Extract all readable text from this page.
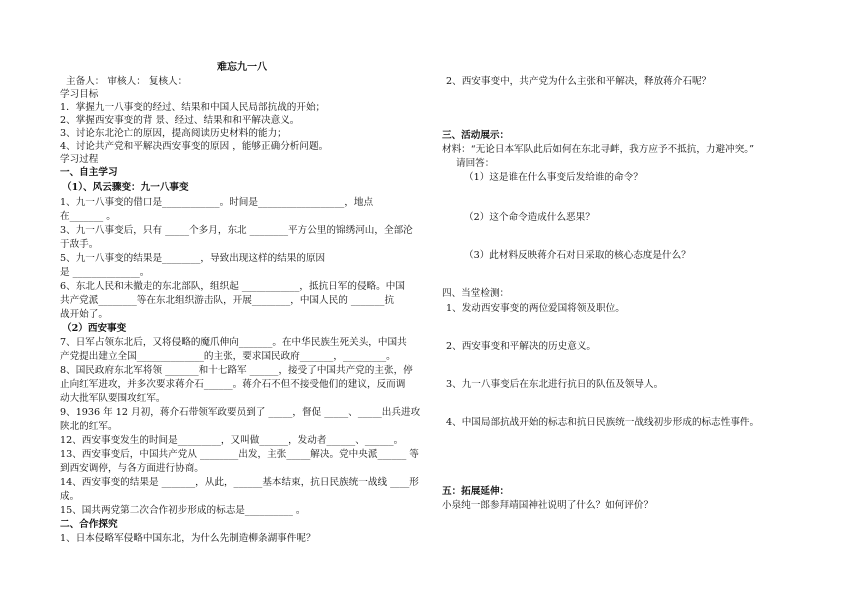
难忘九一八
主备人： 审核人： 复核人：
学习目标
1．掌握九一八事变的经过、结果和中国人民局部抗战的开始；
2、掌握西安事变的背 景、经过、结果和和平解决意义。
3、讨论东北沦亡的原因，提高阅读历史材料的能力；
4、讨论共产党和平解决西安事变的原因 ，能够正确分析问题。
学习过程
一、自主学习
（1）、风云骤变：九一八事变
1、九一八事变的借口是____________。时间是__________________，地点
在_______ 。
3、九一八事变后，只有 _____个多月，东北 ________平方公里的锦绣河山，全部沦
于敌手。
5、九一八事变的结果是________，导致出现这样的结果的原因
是 ______________。
6、东北人民和未撤走的东北部队，组织起 ____________，抵抗日军的侵略。中国
共产党派________等在东北组织游击队，开展________，中国人民的 _______抗
战开始了。
（2）西安事变
7、日军占领东北后，又将侵略的魔爪伸向_______。在中华民族生死关头，中国共
产党提出建立全国______________的主张，要求国民政府_______，_________。
8、国民政府东北军将领 _______和十七路军 ______，接受了中国共产党的主张，停
止向红军进攻，并多次要求蒋介石______。蒋介石不但不接受他们的建议，反而调
动大批军队要围攻红军。
9、1936 年 12 月初，蒋介石带领军政要员到了 _____，督促 _____、_____出兵进攻
陕北的红军。
12、西安事变发生的时间是_________，又叫做______，发动者______、______。
13、西安事变后，中国共产党从 ________出发，主张_____解决。党中央派______ 等
到西安调停，与各方面进行协商。
14、西安事变的结果是 _______，从此，______基本结束，抗日民族统一战线 ____形
成。
15、国共两党第二次合作初步形成的标志是__________ 。
二、合作探究
1、日本侵略军侵略中国东北，为什么先制造柳条湖事件呢？
2、西安事变中，共产党为什么主张和平解决，释放蒋介石呢？
三、活动展示：
材料：“无论日本军队此后如何在东北寻衅，我方应予不抵抗，力避冲突。”
请回答：
（1）这是谁在什么事变后发给谁的命令？
（2）这个命令造成什么恶果？
（3）此材料反映蒋介石对日采取的核心态度是什么？
四、当堂检测：
1、发动西安事变的两位爱国将领及职位。
2、西安事变和平解决的历史意义。
3、九一八事变后在东北进行抗日的队伍及领导人。
4、中国局部抗战开始的标志和抗日民族统一战线初步形成的标志性事件。
五：拓展延伸：
小泉纯一郎参拜靖国神社说明了什么？如何评价？
